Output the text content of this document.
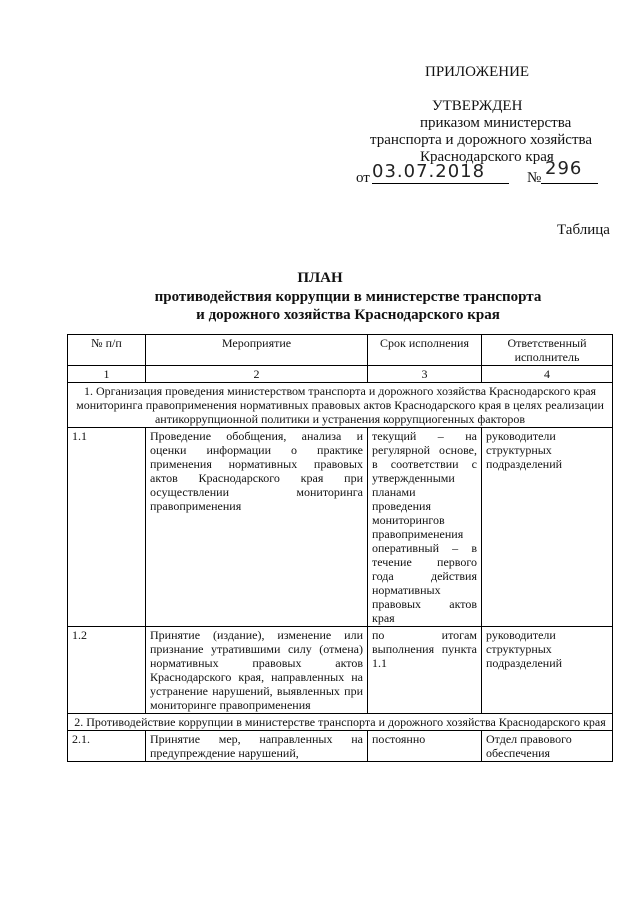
ПРИЛОЖЕНИЕ
УТВЕРЖДЕН
приказом министерства
транспорта и дорожного хозяйства
Краснодарского края
от 03.07.2018	№ 296
Таблица
ПЛАН
противодействия коррупции в министерстве транспорта
и дорожного хозяйства Краснодарского края
№ п/п	Мероприятие	Срок исполнения	Ответственный исполнитель
1	2	3	4
1. Организация проведения министерством транспорта и дорожного хозяйства Краснодарского края мониторинга правоприменения нормативных правовых актов Краснодарского края в целях реализации антикоррупционной политики и устранения коррупциогенных факторов			
1.1	Проведение обобщения, анализа и оценки информации о практике применения нормативных правовых актов Краснодарского края при осуществлении мониторинга правоприменения	текущий – на регулярной основе, в соответствии с утвержденными планами проведения мониторингов правоприменения оперативный – в течение первого года действия нормативных правовых актов края	руководители структурных подразделений
1.2	Принятие (издание), изменение или признание утратившими силу (отмена) нормативных правовых актов Краснодарского края, направленных на устранение нарушений, выявленных при мониторинге правоприменения	по итогам выполнения пункта 1.1	руководители структурных подразделений
2. Противодействие коррупции в министерстве транспорта и дорожного хозяйства Краснодарского края			
2.1.	Принятие мер, направленных на предупреждение нарушений,	постоянно	Отдел правового обеспечения
